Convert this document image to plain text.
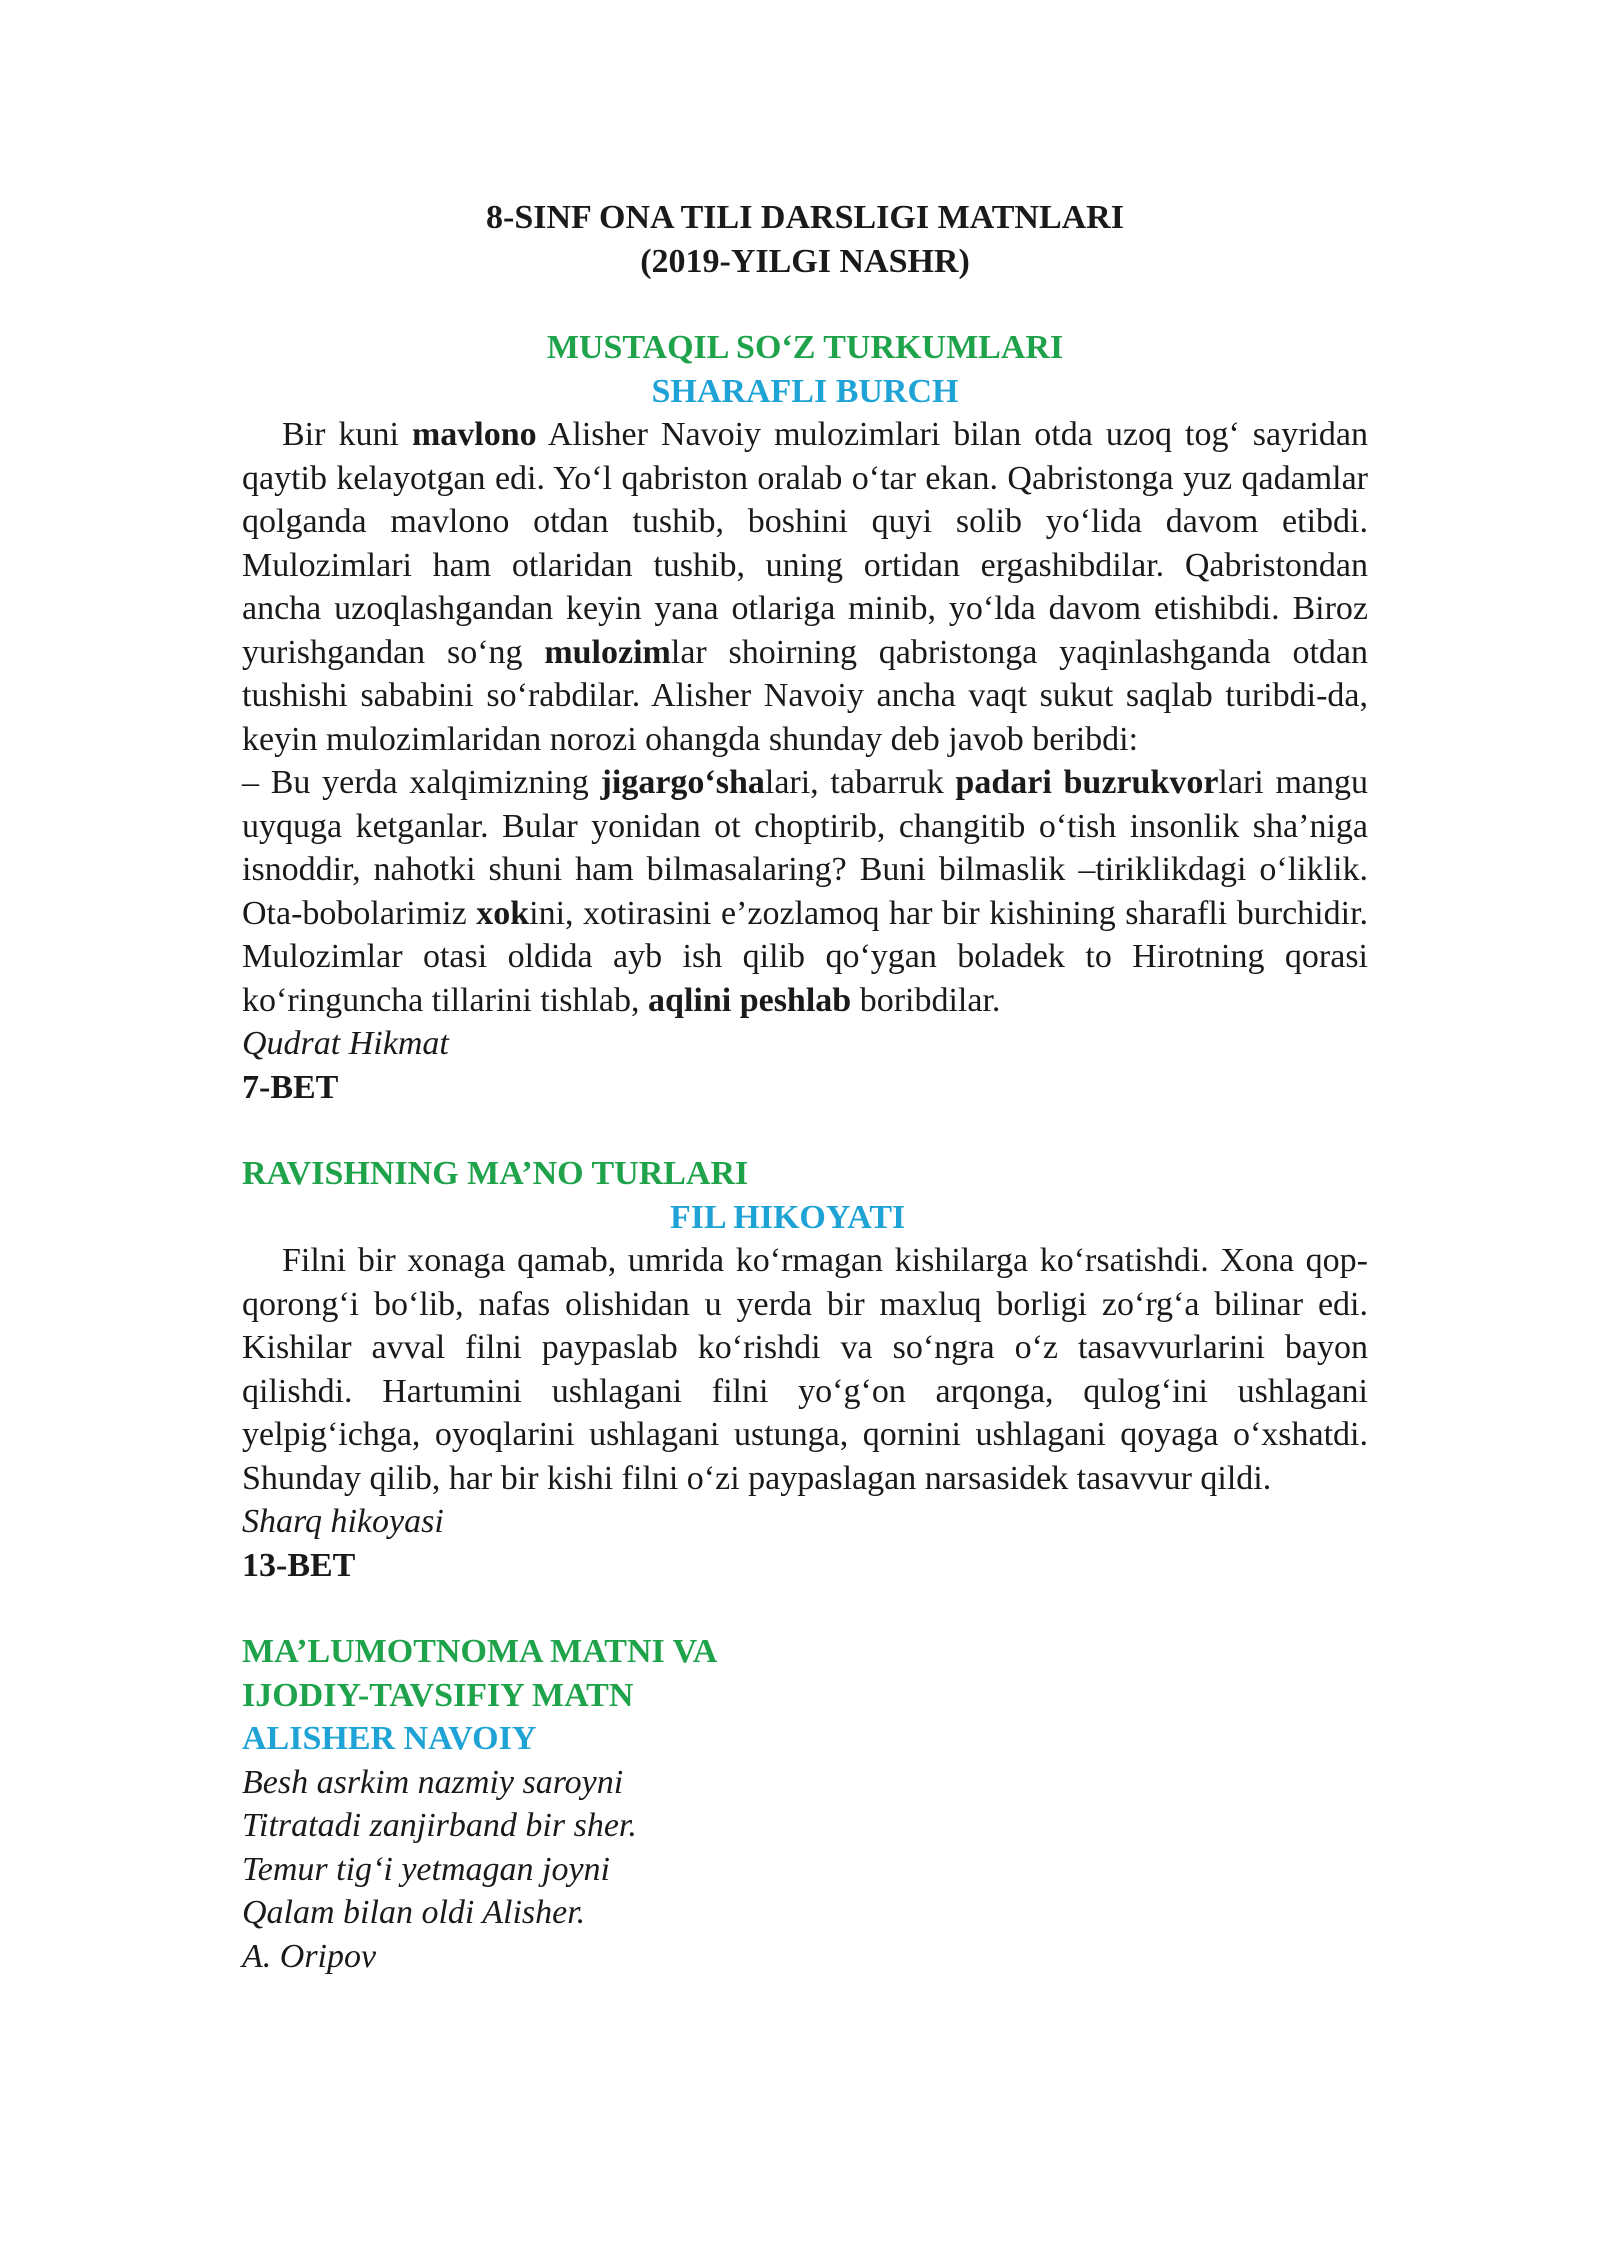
8-SINF ONA TILI DARSLIGI MATNLARI

(2019-YILGI NASHR)

MUSTAQIL SO‘Z TURKUMLARI

SHARAFLI BURCH

Bir kuni mavlono Alisher Navoiy mulozimlari bilan otda uzoq tog‘ sayridan qaytib kelayotgan edi. Yo‘l qabriston oralab o‘tar ekan. Qabristonga yuz qadamlar qolganda mavlono otdan tushib, boshini quyi solib yo‘lida davom etibdi. Mulozimlari ham otlaridan tushib, uning ortidan ergashibdilar. Qabristondan ancha uzoqlashgandan keyin yana otlariga minib, yo‘lda davom etishibdi. Biroz yurishgandan so‘ng mulozimlar shoirning qabristonga yaqinlashganda otdan tushishi sababini so‘rabdilar. Alisher Navoiy ancha vaqt sukut saqlab turibdi-da, keyin mulozimlaridan norozi ohangda shunday deb javob beribdi:

– Bu yerda xalqimizning jigargo‘shalari, tabarruk padari buzrukvorlari mangu uyquga ketganlar. Bular yonidan ot choptirib, changitib o‘tish insonlik sha’niga isnoddir, nahotki shuni ham bilmasalaring? Buni bilmaslik –tiriklikdagi o‘liklik. Ota-bobolarimiz xokini, xotirasini e’zozlamoq har bir kishining sharafli burchidir. Mulozimlar otasi oldida ayb ish qilib qo‘ygan boladek to Hirotning qorasi ko‘ringuncha tillarini tishlab, aqlini peshlab boribdilar.

Qudrat Hikmat

7-BET

RAVISHNING MA’NO TURLARI

FIL HIKOYATI

Filni bir xonaga qamab, umrida ko‘rmagan kishilarga ko‘rsatishdi. Xona qop-qorong‘i bo‘lib, nafas olishidan u yerda bir maxluq borligi zo‘rg‘a bilinar edi. Kishilar avval filni paypaslab ko‘rishdi va so‘ngra o‘z tasavvurlarini bayon qilishdi. Hartumini ushlagani filni yo‘g‘on arqonga, qulog‘ini ushlagani yelpig‘ichga, oyoqlarini ushlagani ustunga, qornini ushlagani qoyaga o‘xshatdi. Shunday qilib, har bir kishi filni o‘zi paypaslagan narsasidek tasavvur qildi.

Sharq hikoyasi

13-BET

MA’LUMOTNOMA MATNI VA

IJODIY-TAVSIFIY MATN

ALISHER NAVOIY

Besh asrkim nazmiy saroyni

Titratadi zanjirband bir sher.

Temur tig‘i yetmagan joyni

Qalam bilan oldi Alisher.

A. Oripov
